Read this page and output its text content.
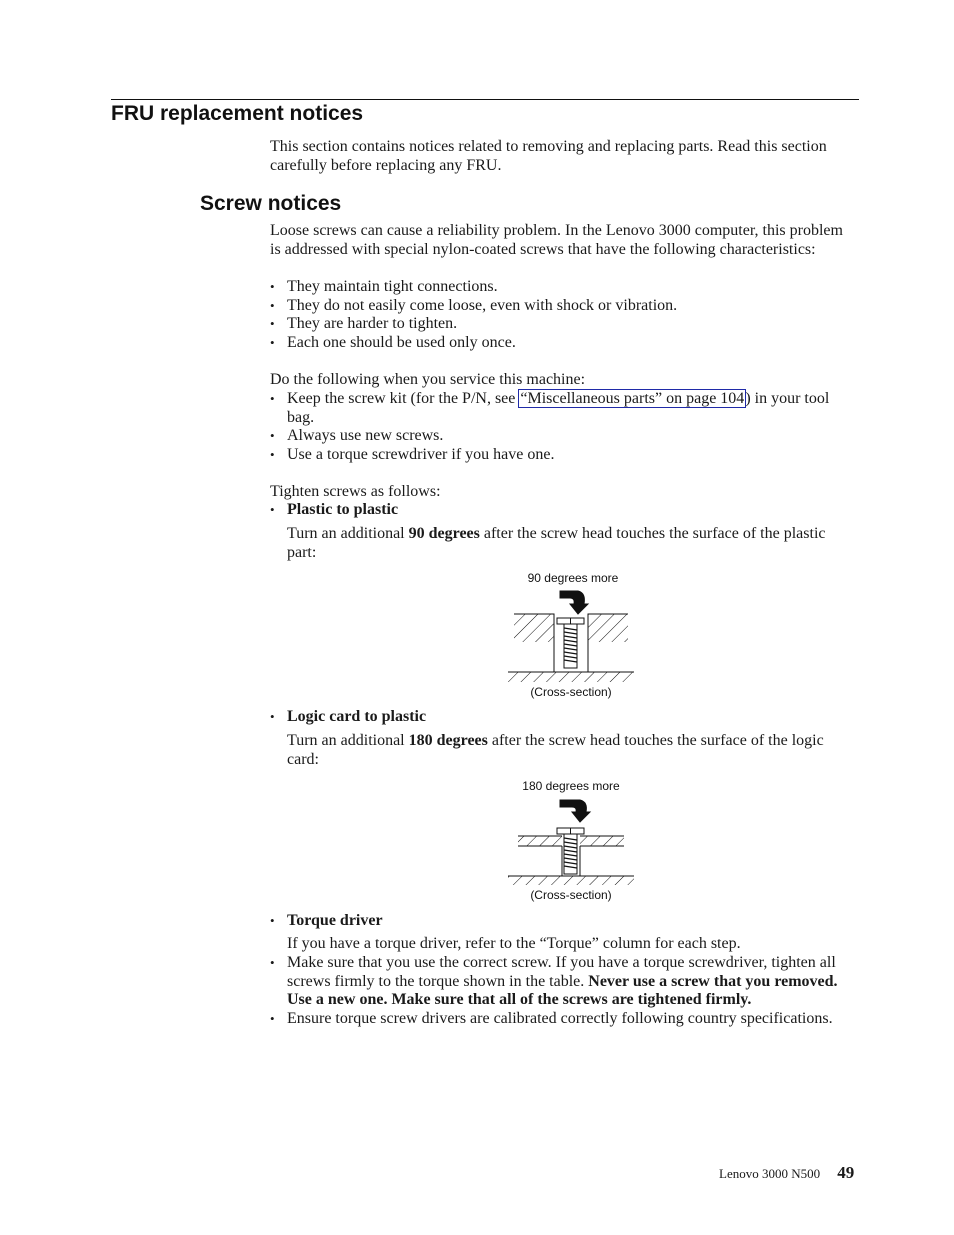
FRU replacement notices

This section contains notices related to removing and replacing parts. Read this section carefully before replacing any FRU.

Screw notices

Loose screws can cause a reliability problem. In the Lenovo 3000 computer, this problem is addressed with special nylon-coated screws that have the following characteristics:

• They maintain tight connections.
• They do not easily come loose, even with shock or vibration.
• They are harder to tighten.
• Each one should be used only once.

Do the following when you service this machine:

• Keep the screw kit (for the P/N, see “Miscellaneous parts” on page 104) in your tool bag.
• Always use new screws.
• Use a torque screwdriver if you have one.

Tighten screws as follows:

• Plastic to plastic

Turn an additional 90 degrees after the screw head touches the surface of the plastic part:

90 degrees more
(Cross-section)
• Logic card to plastic

Turn an additional 180 degrees after the screw head touches the surface of the logic card:

180 degrees more
(Cross-section)
• Torque driver

If you have a torque driver, refer to the “Torque” column for each step.

• Make sure that you use the correct screw. If you have a torque screwdriver, tighten all screws firmly to the torque shown in the table. Never use a screw that you removed. Use a new one. Make sure that all of the screws are tightened firmly.
• Ensure torque screw drivers are calibrated correctly following country specifications.
Lenovo 3000 N500 49
